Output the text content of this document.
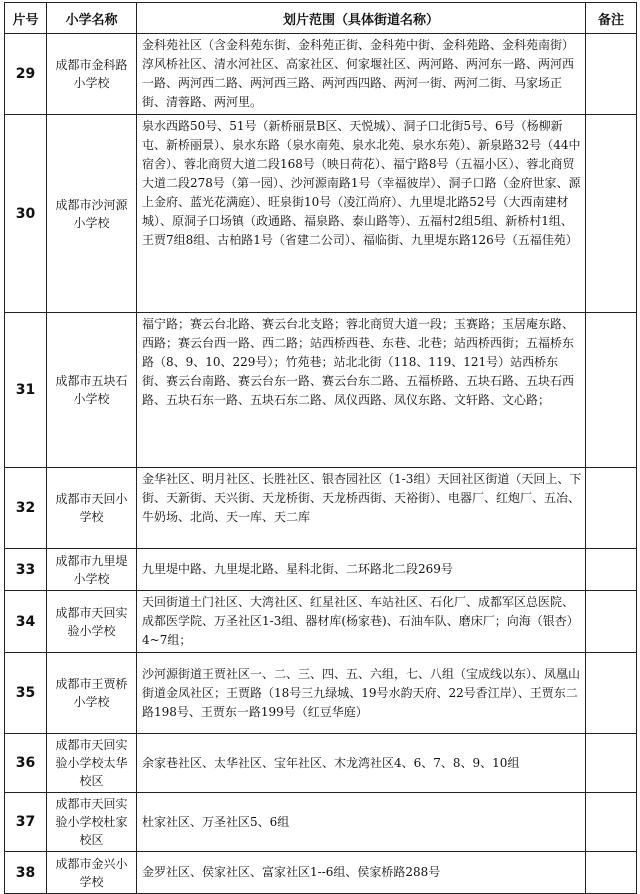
片号	小学名称	划片范围（具体街道名称）	备注
29	成都市金科路小学校	金科苑社区（含金科苑东街、金科苑正街、金科苑中街、金科苑路、金科苑南街）淳风桥社区、清水河社区、高家社区、何家堰社区、两河路、两河东一路、两河西一路、两河西二路、两河西三路、两河西四路、两河一街、两河二街、马家场正街、清蓉路、两河里。	
30	成都市沙河源小学校	泉水西路50号、51号（新桥丽景B区、天悦城）、洞子口北街5号、6号（杨柳新屯、新桥丽景）、泉水东路（泉水南苑、泉水北苑、泉水东苑）、新泉路32号（44中宿舍）、蓉北商贸大道二段168号（映日荷花）、福宁路8号（五福小区）、蓉北商贸大道二段278号（第一园）、沙河源南路1号（幸福彼岸）、洞子口路（金府世家、源上金府、蓝光花满庭）、旺泉街10号（凌江尚府）、九里堤北路52号（大西南建材城）、原洞子口场镇（政通路、福泉路、泰山路等）、五福村2组5组、新桥村1组、王贾7组8组、古柏路1号（省建二公司）、福临街、九里堤东路126号（五福佳苑）	
31	成都市五块石小学校	福宁路；赛云台北路、赛云台北支路；蓉北商贸大道一段；玉赛路；玉居庵东路、西路；赛云台西一路、西二路；站西桥西巷、东巷、北巷；站西桥西街；五福桥东路（8、9、10、229号）；竹苑巷；站北北街（118、119、121号）站西桥东街、赛云台南路、赛云台东一路、赛云台东二路、五福桥路、五块石路、五块石西路、五块石东一路、五块石东二路、凤仪西路、凤仪东路、文轩路、文心路；	
32	成都市天回小学校	金华社区、明月社区、长胜社区、银杏园社区（1-3组）天回社区街道（天回上、下街、天新街、天兴街、天龙桥街、天龙桥西街、天裕街）、电器厂、红炮厂、五冶、牛奶场、北尚、天一库、天二库	
33	成都市九里堤小学校	九里堤中路、九里堤北路、星科北街、二环路北二段269号	
34	成都市天回实验小学校	天回街道土门社区、大湾社区、红星社区、车站社区、石化厂、成都军区总医院、成都医学院、万圣社区1-3组、器材库(杨家巷)、石油车队、磨床厂；向海（银杏）4~7组；	
35	成都市王贾桥小学校	沙河源街道王贾社区一、二、三、四、五、六组，七、八组（宝成线以东）、凤凰山街道金凤社区；王贾路（18号三九绿城、19号水韵天府、22号香江岸）、王贾东二路198号、王贾东一路199号（红豆华庭）	
36	成都市天回实验小学校太华校区	余家巷社区、太华社区、宝年社区、木龙湾社区4、6、7、8、9、10组	
37	成都市天回实验小学校杜家校区	杜家社区、万圣社区5、6组	
38	成都市金兴小学校	金罗社区、侯家社区、富家社区1--6组、侯家桥路288号	
